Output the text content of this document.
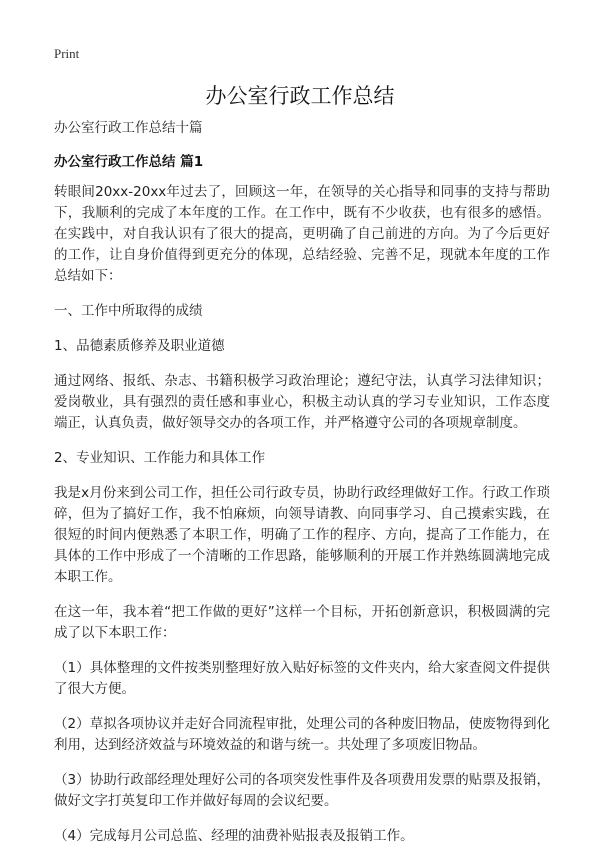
Print
办公室行政工作总结

办公室行政工作总结十篇

办公室行政工作总结 篇1

转眼间20xx-20xx年过去了，回顾这一年，在领导的关心指导和同事的支持与帮助下，我顺利的完成了本年度的工作。在工作中，既有不少收获，也有很多的感悟。在实践中，对自我认识有了很大的提高，更明确了自己前进的方向。为了今后更好的工作，让自身价值得到更充分的体现，总结经验、完善不足，现就本年度的工作总结如下：

一、工作中所取得的成绩

1、品德素质修养及职业道德

通过网络、报纸、杂志、书籍积极学习政治理论；遵纪守法，认真学习法律知识；爱岗敬业，具有强烈的责任感和事业心，积极主动认真的学习专业知识，工作态度端正，认真负责，做好领导交办的各项工作，并严格遵守公司的各项规章制度。

2、专业知识、工作能力和具体工作

我是x月份来到公司工作，担任公司行政专员，协助行政经理做好工作。行政工作琐碎，但为了搞好工作，我不怕麻烦，向领导请教、向同事学习、自己摸索实践，在很短的时间内便熟悉了本职工作，明确了工作的程序、方向，提高了工作能力，在具体的工作中形成了一个清晰的工作思路，能够顺利的开展工作并熟练圆满地完成本职工作。

在这一年，我本着“把工作做的更好”这样一个目标，开拓创新意识，积极圆满的完成了以下本职工作：

（1）具体整理的文件按类别整理好放入贴好标签的文件夹内，给大家查阅文件提供了很大方便。

（2）草拟各项协议并走好合同流程审批，处理公司的各种废旧物品，使废物得到化利用，达到经济效益与环境效益的和谐与统一。共处理了多项废旧物品。

（3）协助行政部经理处理好公司的各项突发性事件及各项费用发票的贴票及报销，做好文字打英复印工作并做好每周的会议纪要。

（4）完成每月公司总监、经理的油费补贴报表及报销工作。
